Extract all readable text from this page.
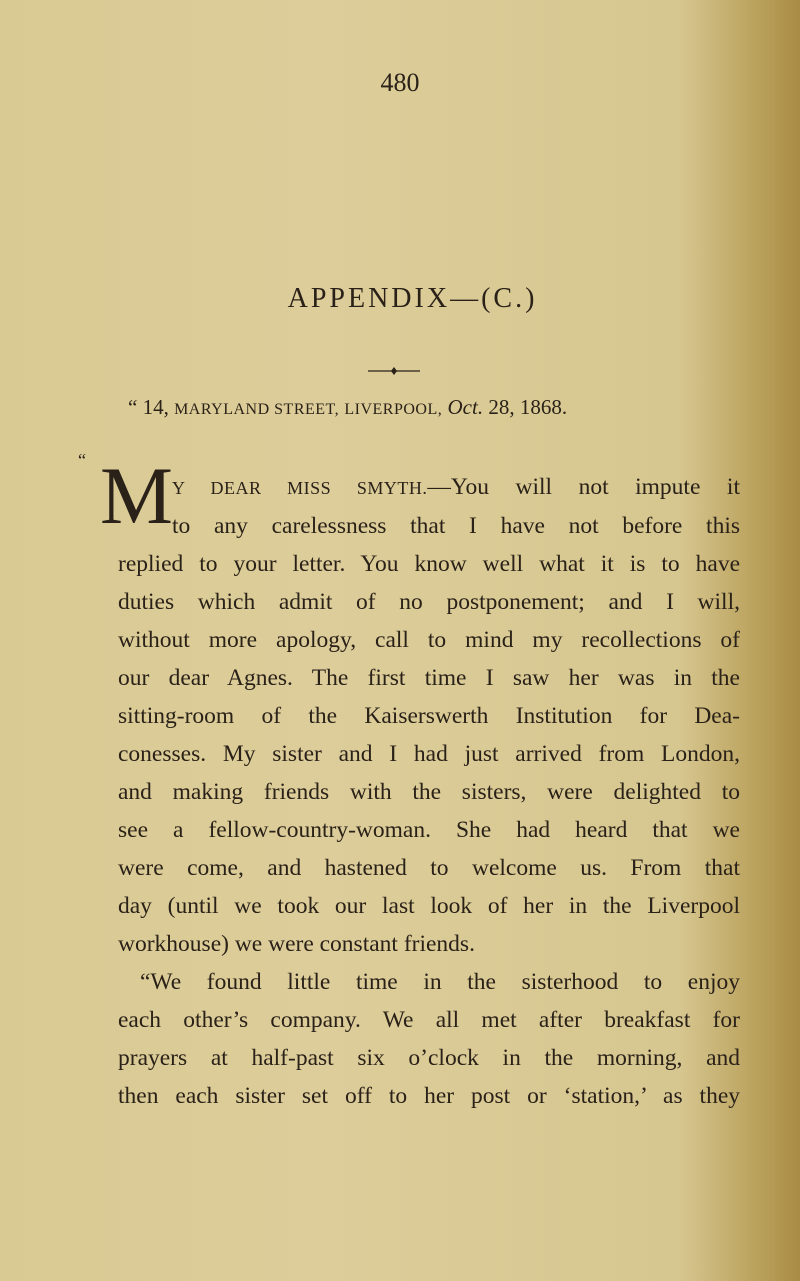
480
APPENDIX—(C.)
“ 14, MARYLAND STREET, LIVERPOOL, Oct. 28, 1868.
“ M Y DEAR MISS SMYTH.—You will not impute it
to any carelessness that I have not before this
replied to your letter. You know well what it is to have
duties which admit of no postponement; and I will,
without more apology, call to mind my recollections of
our dear Agnes. The first time I saw her was in the
sitting-room of the Kaiserswerth Institution for Dea-
conesses. My sister and I had just arrived from London,
and making friends with the sisters, were delighted to
see a fellow-country-woman. She had heard that we
were come, and hastened to welcome us. From that
day (until we took our last look of her in the Liverpool
workhouse) we were constant friends.
“We found little time in the sisterhood to enjoy
each other’s company. We all met after breakfast for
prayers at half-past six o’clock in the morning, and
then each sister set off to her post or ‘station,’ as they
